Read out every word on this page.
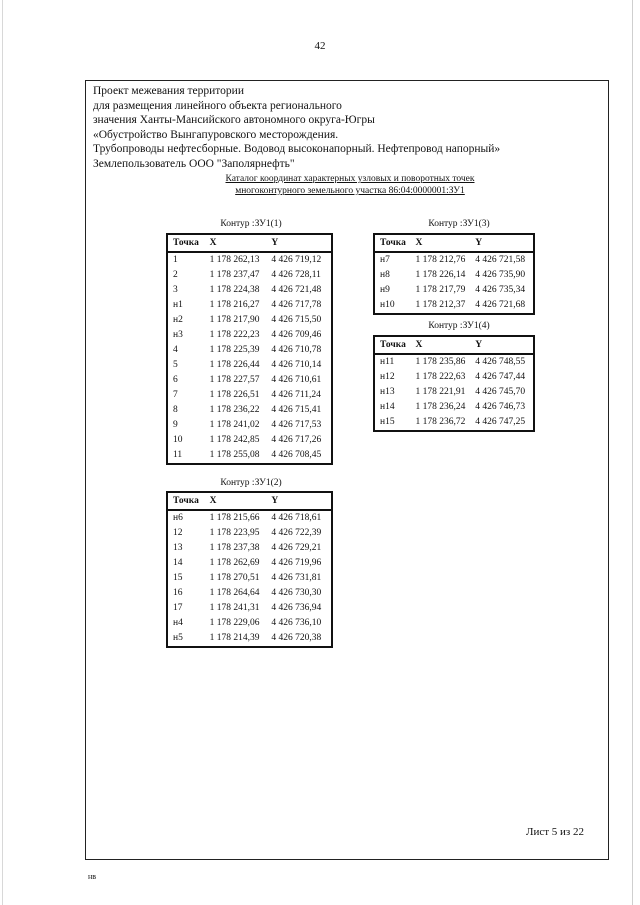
42
Проект межевания территории
для размещения линейного объекта регионального
значения Ханты-Мансийского автономного округа-Югры
«Обустройство Вынгапуровского месторождения.
Трубопроводы нефтесборные. Водовод высоконапорный. Нефтепровод напорный»
Землепользователь ООО "Заполярнефть"
Каталог координат характерных узловых и поворотных точек
многоконтурного земельного участка 86:04:0000001:ЗУ1
Контур :ЗУ1(1)
Точка	X	Y
1	1 178 262,13	4 426 719,12
2	1 178 237,47	4 426 728,11
3	1 178 224,38	4 426 721,48
н1	1 178 216,27	4 426 717,78
н2	1 178 217,90	4 426 715,50
н3	1 178 222,23	4 426 709,46
4	1 178 225,39	4 426 710,78
5	1 178 226,44	4 426 710,14
6	1 178 227,57	4 426 710,61
7	1 178 226,51	4 426 711,24
8	1 178 236,22	4 426 715,41
9	1 178 241,02	4 426 717,53
10	1 178 242,85	4 426 717,26
11	1 178 255,08	4 426 708,45
Контур :ЗУ1(2)
Точка	X	Y
н6	1 178 215,66	4 426 718,61
12	1 178 223,95	4 426 722,39
13	1 178 237,38	4 426 729,21
14	1 178 262,69	4 426 719,96
15	1 178 270,51	4 426 731,81
16	1 178 264,64	4 426 730,30
17	1 178 241,31	4 426 736,94
н4	1 178 229,06	4 426 736,10
н5	1 178 214,39	4 426 720,38
Контур :ЗУ1(3)
Точка	X	Y
н7	1 178 212,76	4 426 721,58
н8	1 178 226,14	4 426 735,90
н9	1 178 217,79	4 426 735,34
н10	1 178 212,37	4 426 721,68
Контур :ЗУ1(4)
Точка	X	Y
н11	1 178 235,86	4 426 748,55
н12	1 178 222,63	4 426 747,44
н13	1 178 221,91	4 426 745,70
н14	1 178 236,24	4 426 746,73
н15	1 178 236,72	4 426 747,25
Лист 5 из 22
нв
